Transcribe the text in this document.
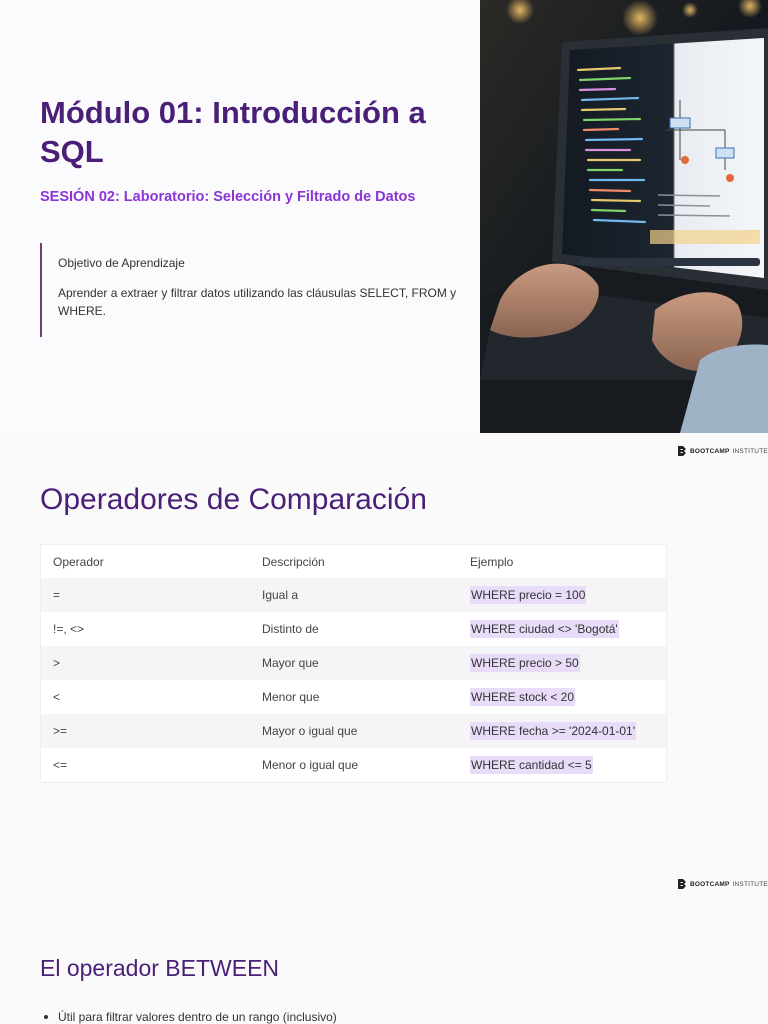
Módulo 01: Introducción a SQL
SESIÓN 02: Laboratorio: Selección y Filtrado de Datos

Objetivo de Aprendizaje

Aprender a extraer y filtrar datos utilizando las cláusulas SELECT, FROM y WHERE.

BOOTCAMP INSTITUTE
Operadores de Comparación
Operador	Descripción	Ejemplo
=	Igual a	WHERE precio = 100
!=, <>	Distinto de	WHERE ciudad <> 'Bogotá'
>	Mayor que	WHERE precio > 50
<	Menor que	WHERE stock < 20
>=	Mayor o igual que	WHERE fecha >= '2024-01-01'
<=	Menor o igual que	WHERE cantidad <= 5
BOOTCAMP INSTITUTE
El operador BETWEEN
Útil para filtrar valores dentro de un rango (inclusivo)
